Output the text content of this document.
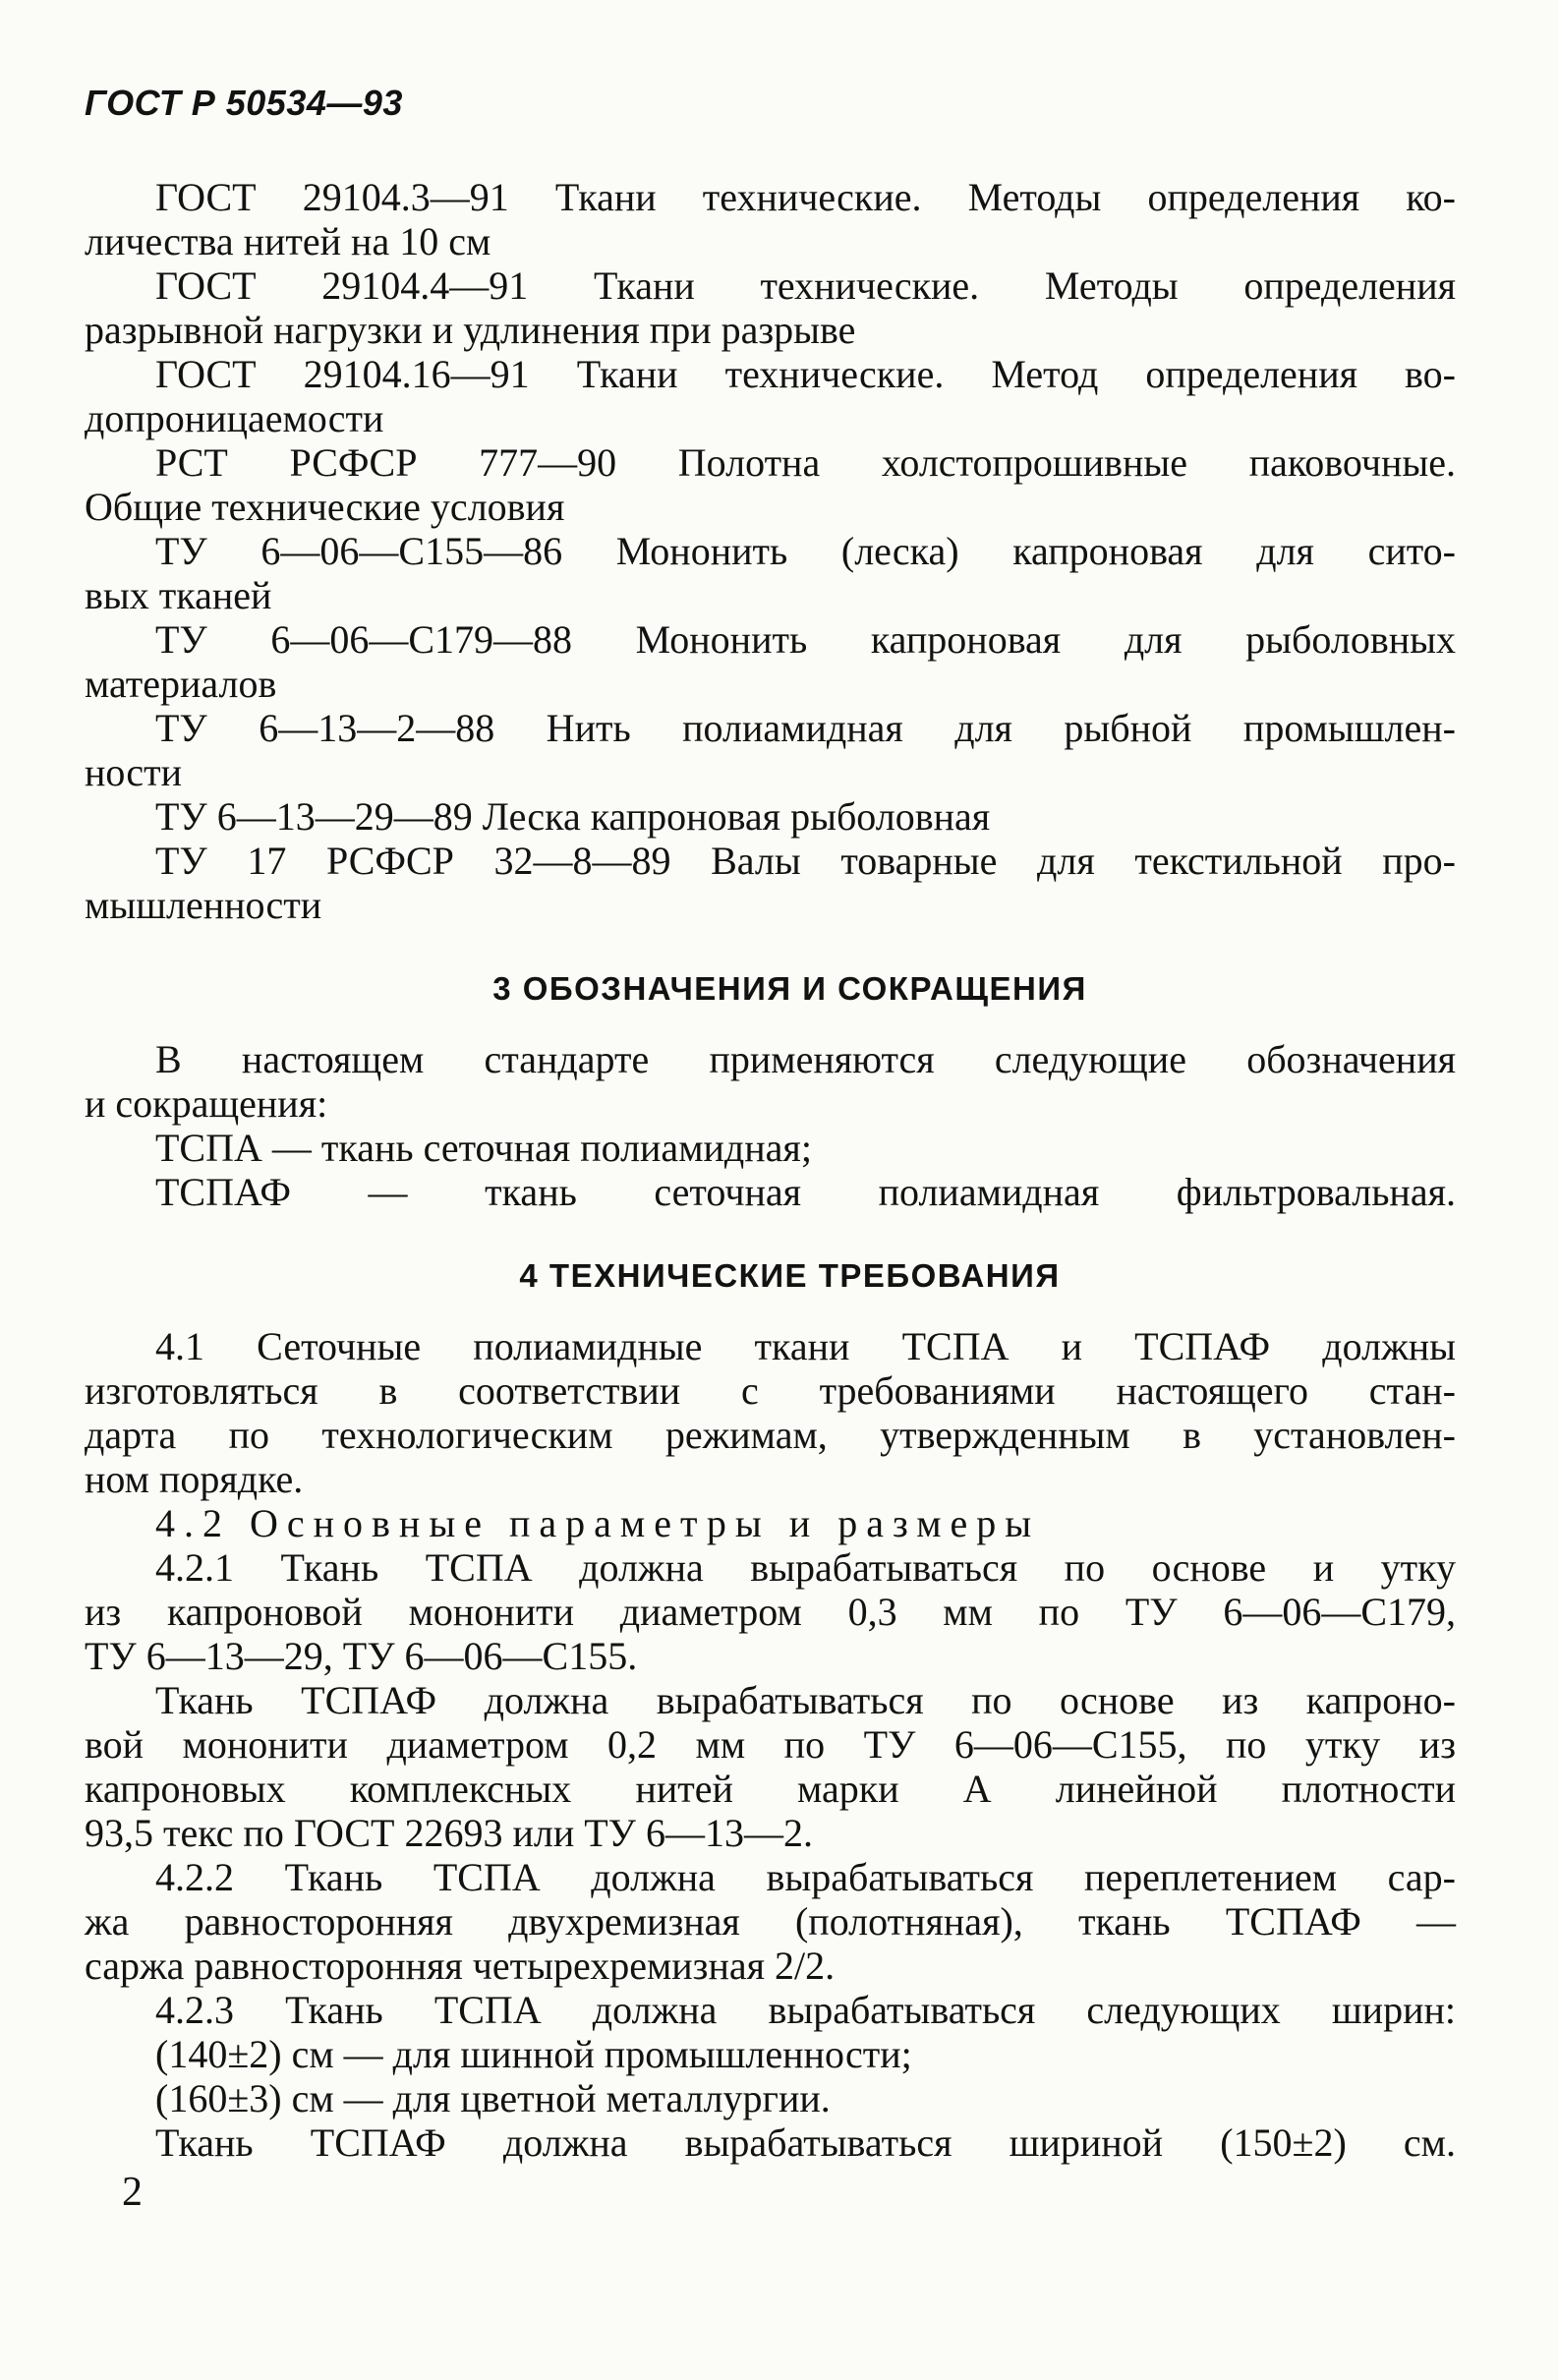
ГОСТ Р 50534—93
ГОСТ 29104.3—91 Ткани технические. Методы определения ко-
личества нитей на 10 см
ГОСТ 29104.4—91 Ткани технические. Методы определения
разрывной нагрузки и удлинения при разрыве
ГОСТ 29104.16—91 Ткани технические. Метод определения во-
допроницаемости
РСТ РСФСР 777—90 Полотна холстопрошивные паковочные.
Общие технические условия
ТУ 6—06—С155—86 Мононить (леска) капроновая для сито-
вых тканей
ТУ 6—06—С179—88 Мононить капроновая для рыболовных
материалов
ТУ 6—13—2—88 Нить полиамидная для рыбной промышлен-
ности
ТУ 6—13—29—89 Леска капроновая рыболовная
ТУ 17 РСФСР 32—8—89 Валы товарные для текстильной про-
мышленности
3 ОБОЗНАЧЕНИЯ И СОКРАЩЕНИЯ
В настоящем стандарте применяются следующие обозначения
и сокращения:
ТСПА — ткань сеточная полиамидная;
ТСПАФ — ткань сеточная полиамидная фильтровальная.
4 ТЕХНИЧЕСКИЕ ТРЕБОВАНИЯ
4.1 Сеточные полиамидные ткани ТСПА и ТСПАФ должны
изготовляться в соответствии с требованиями настоящего стан-
дарта по технологическим режимам, утвержденным в установлен-
ном порядке.
4.2 Основные параметры и размеры
4.2.1 Ткань ТСПА должна вырабатываться по основе и утку
из капроновой мононити диаметром 0,3 мм по ТУ 6—06—С179,
ТУ 6—13—29, ТУ 6—06—С155.
Ткань ТСПАФ должна вырабатываться по основе из капроно-
вой мононити диаметром 0,2 мм по ТУ 6—06—С155, по утку из
капроновых комплексных нитей марки А линейной плотности
93,5 текс по ГОСТ 22693 или ТУ 6—13—2.
4.2.2 Ткань ТСПА должна вырабатываться переплетением сар-
жа равносторонняя двухремизная (полотняная), ткань ТСПАФ —
саржа равносторонняя четырехремизная 2/2.
4.2.3 Ткань ТСПА должна вырабатываться следующих ширин:
(140±2) см — для шинной промышленности;
(160±3) см — для цветной металлургии.
Ткань ТСПАФ должна вырабатываться шириной (150±2) см.
2
